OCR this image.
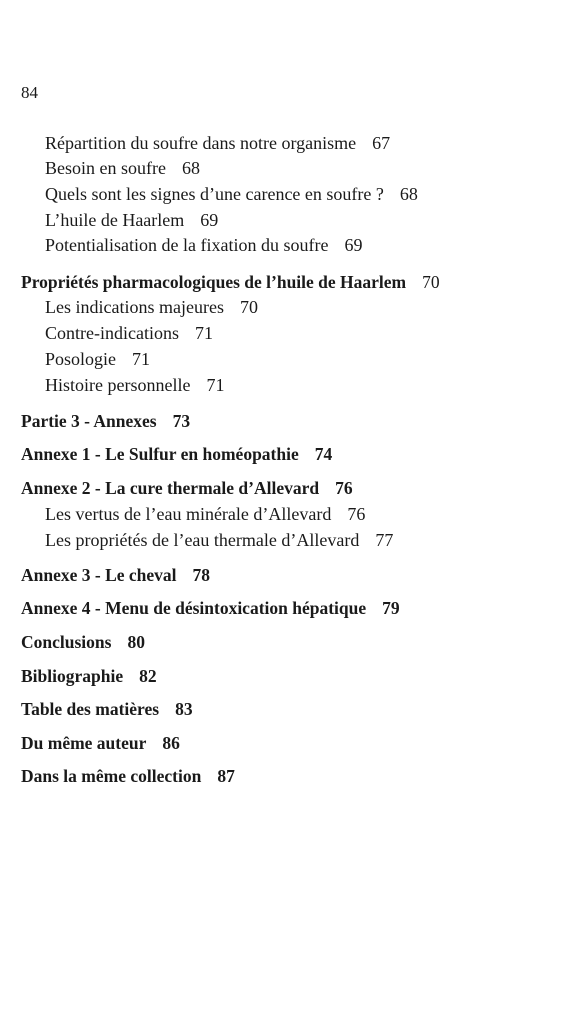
84
Répartition du soufre dans notre organisme 67
Besoin en soufre 68
Quels sont les signes d’une carence en soufre ? 68
L’huile de Haarlem 69
Potentialisation de la fixation du soufre 69
Propriétés pharmacologiques de l’huile de Haarlem 70
Les indications majeures 70
Contre-indications 71
Posologie 71
Histoire personnelle 71
Partie 3 - Annexes 73
Annexe 1 - Le Sulfur en homéopathie 74
Annexe 2 - La cure thermale d’Allevard 76
Les vertus de l’eau minérale d’Allevard 76
Les propriétés de l’eau thermale d’Allevard 77
Annexe 3 - Le cheval 78
Annexe 4 - Menu de désintoxication hépatique 79
Conclusions 80
Bibliographie 82
Table des matières 83
Du même auteur 86
Dans la même collection 87
